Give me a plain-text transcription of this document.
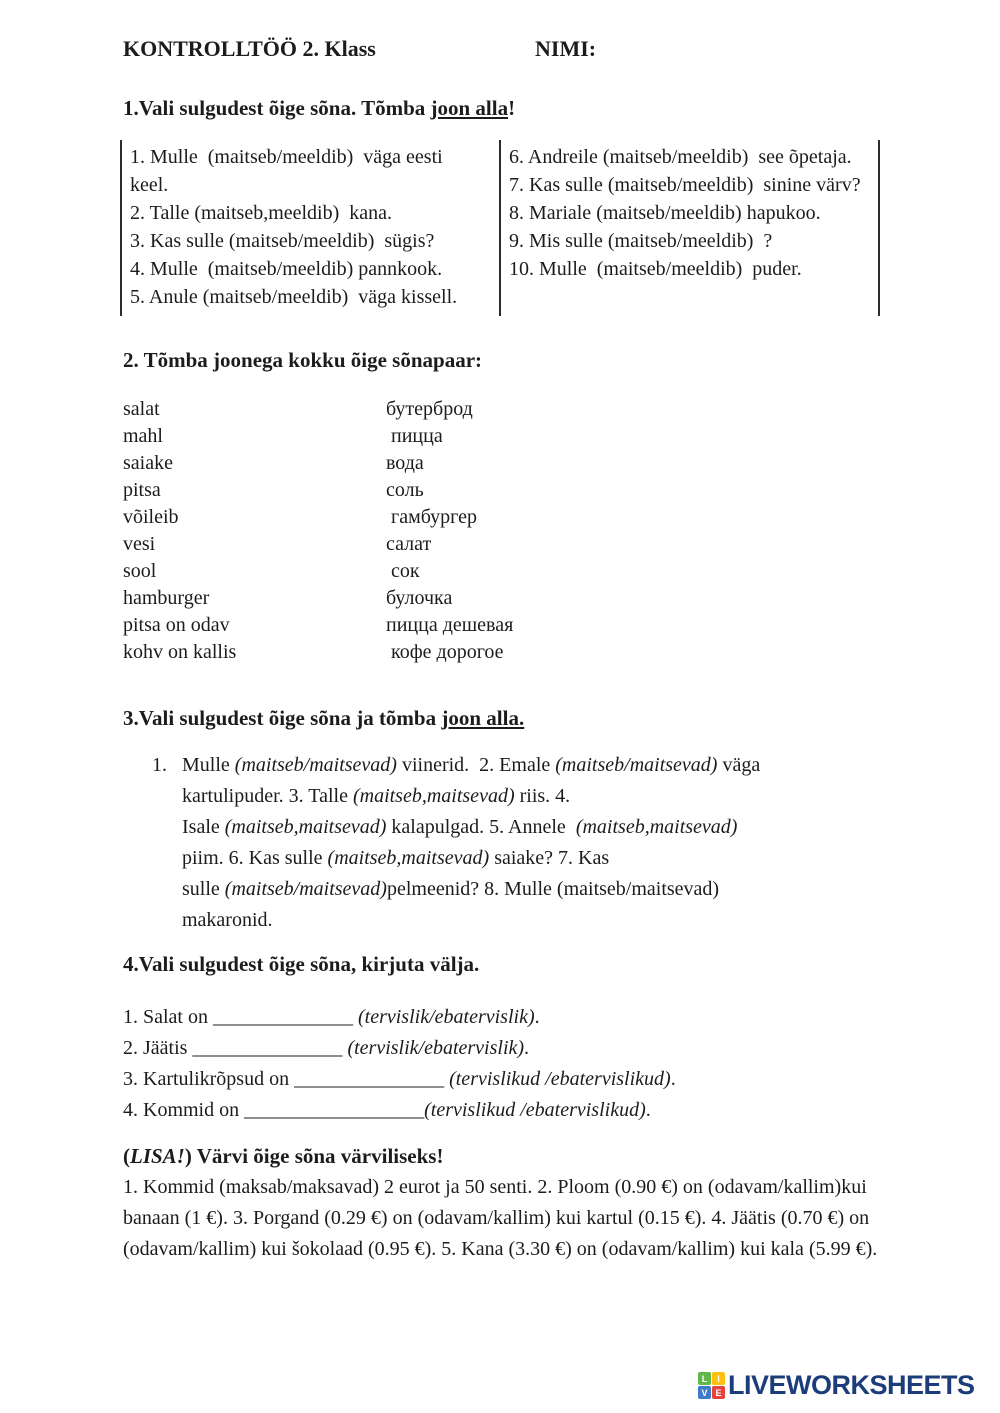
KONTROLLTÖÖ 2. Klass	NIMI:
1.Vali sulgudest õige sõna. Tõmba joon alla!
1. Mulle  (maitseb/meeldib)  väga eesti keel.
2. Talle (maitseb,meeldib)  kana.
3. Kas sulle (maitseb/meeldib)  sügis?
4. Mulle  (maitseb/meeldib) pannkook.
5. Anule (maitseb/meeldib)  väga kissell.

6. Andreile (maitseb/meeldib)  see õpetaja.
7. Kas sulle (maitseb/meeldib)  sinine värv?
8. Mariale (maitseb/meeldib) hapukoo.
9. Mis sulle (maitseb/meeldib)  ?
10. Mulle  (maitseb/meeldib)  puder.
2. Tõmba joonega kokku õige sõnapaar:
salat	бутерброд
mahl	пицца
saiake	вода
pitsa	соль
võileib	гамбургер
vesi	салат
sool	сок
hamburger	булочка
pitsa on odav	пицца дешевая
kohv on kallis	кофе дорогое
3.Vali sulgudest õige sõna ja tõmba joon alla.
1. Mulle (maitseb/maitsevad) viinerid.  2. Emale (maitseb/maitsevad) väga
kartulipuder. 3. Talle (maitseb,maitsevad) riis. 4.
Isale (maitseb,maitsevad) kalapulgad. 5. Annele  (maitseb,maitsevad)
piim. 6. Kas sulle (maitseb,maitsevad) saiake? 7. Kas
sulle (maitseb/maitsevad)pelmeenid? 8. Mulle (maitseb/maitsevad)
makaronid.
4.Vali sulgudest õige sõna, kirjuta välja.
1. Salat on ______________ (tervislik/ebatervislik).
2. Jäätis _______________ (tervislik/ebatervislik).
3. Kartulikrõpsud on _______________ (tervislikud /ebatervislikud).
4. Kommid on __________________(tervislikud /ebatervislikud).
(LISA!) Värvi õige sõna värviliseks!
1. Kommid (maksab/maksavad) 2 eurot ja 50 senti. 2. Ploom (0.90 €) on (odavam/kallim)kui banaan (1 €). 3. Porgand (0.29 €) on (odavam/kallim) kui kartul (0.15 €). 4. Jäätis (0.70 €) on (odavam/kallim) kui šokolaad (0.95 €). 5. Kana (3.30 €) on (odavam/kallim) kui kala (5.99 €).
L	I
V E LIVEWORKSHEETS
